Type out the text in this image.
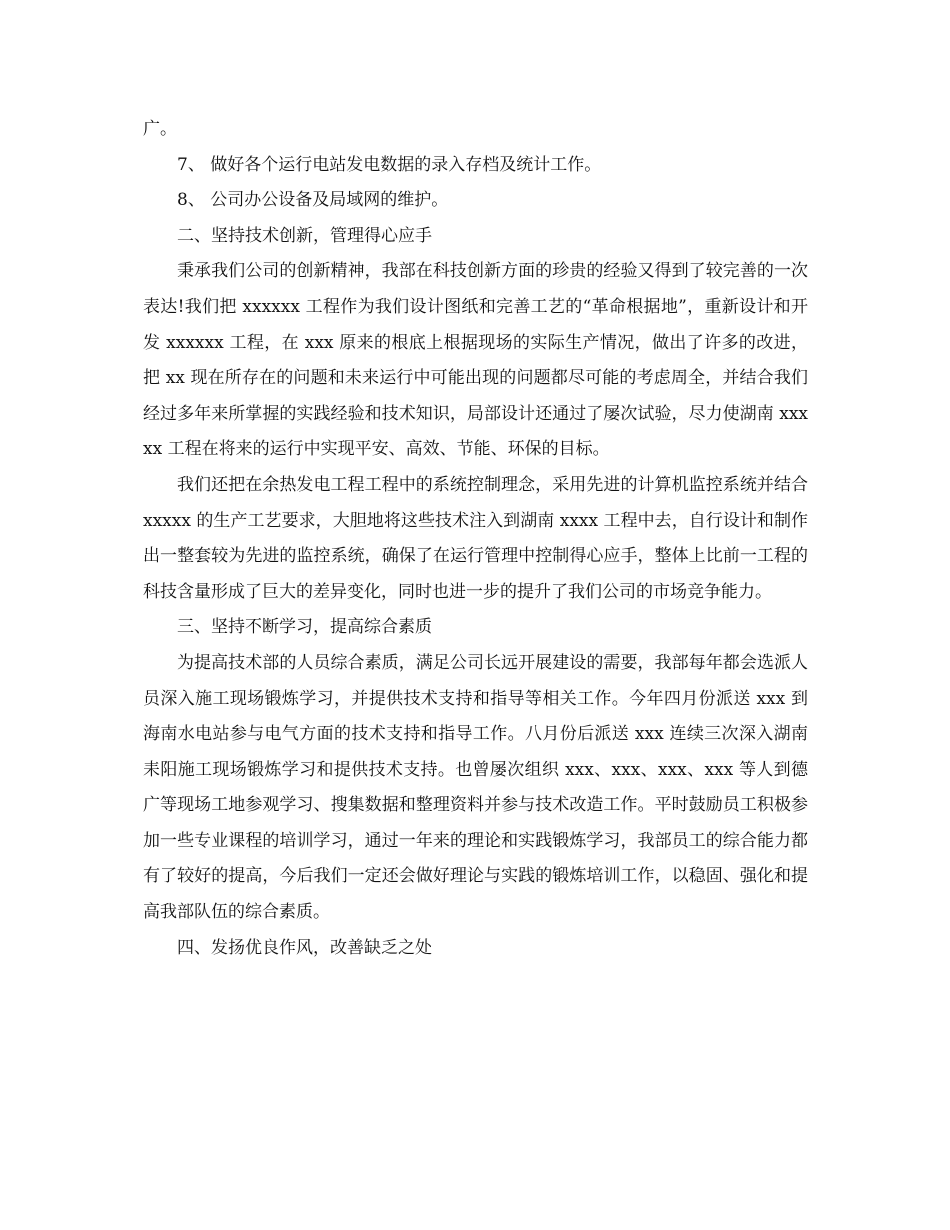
广。

7、 做好各个运行电站发电数据的录入存档及统计工作。

8、 公司办公设备及局域网的维护。

二、坚持技术创新，管理得心应手

秉承我们公司的创新精神，我部在科技创新方面的珍贵的经验又得到了较完善的一次表达!我们把 xxxxxx 工程作为我们设计图纸和完善工艺的“革命根据地”，重新设计和开发 xxxxxx 工程，在 xxx 原来的根底上根据现场的实际生产情况，做出了许多的改进，把 xx 现在所存在的问题和未来运行中可能出现的问题都尽可能的考虑周全，并结合我们经过多年来所掌握的实践经验和技术知识，局部设计还通过了屡次试验，尽力使湖南 xxxxx 工程在将来的运行中实现平安、高效、节能、环保的目标。

我们还把在余热发电工程工程中的系统控制理念，采用先进的计算机监控系统并结合 xxxxx 的生产工艺要求，大胆地将这些技术注入到湖南 xxxx 工程中去，自行设计和制作出一整套较为先进的监控系统，确保了在运行管理中控制得心应手，整体上比前一工程的科技含量形成了巨大的差异变化，同时也进一步的提升了我们公司的市场竞争能力。

三、坚持不断学习，提高综合素质

为提高技术部的人员综合素质，满足公司长远开展建设的需要，我部每年都会选派人员深入施工现场锻炼学习，并提供技术支持和指导等相关工作。今年四月份派送 xxx 到海南水电站参与电气方面的技术支持和指导工作。八月份后派送 xxx 连续三次深入湖南耒阳施工现场锻炼学习和提供技术支持。也曾屡次组织 xxx、xxx、xxx、xxx 等人到德广等现场工地参观学习、搜集数据和整理资料并参与技术改造工作。平时鼓励员工积极参加一些专业课程的培训学习，通过一年来的理论和实践锻炼学习，我部员工的综合能力都有了较好的提高，今后我们一定还会做好理论与实践的锻炼培训工作，以稳固、强化和提高我部队伍的综合素质。

四、发扬优良作风，改善缺乏之处
